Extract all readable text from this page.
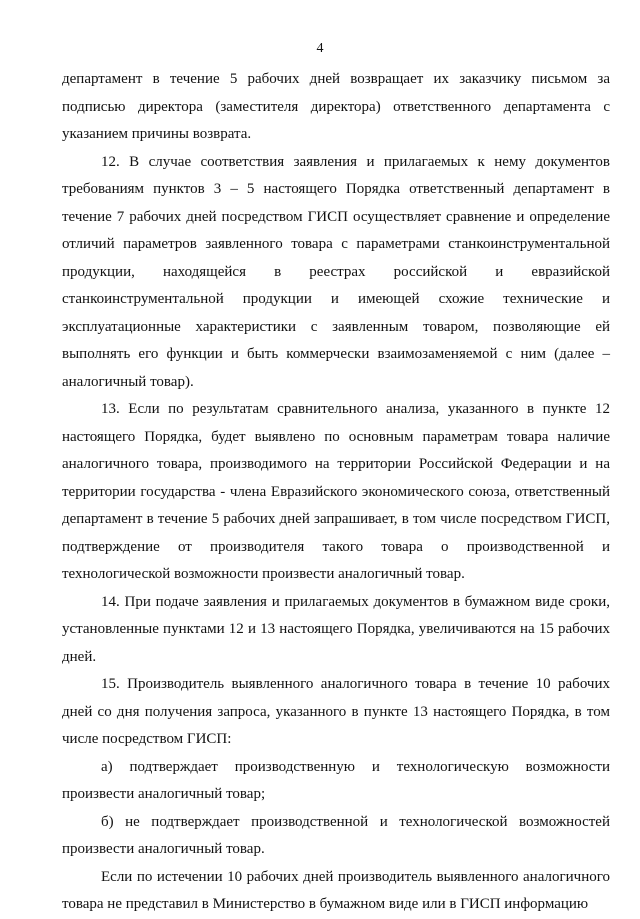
4

департамент в течение 5 рабочих дней возвращает их заказчику письмом за подписью директора (заместителя директора) ответственного департамента с указанием причины возврата.

12. В случае соответствия заявления и прилагаемых к нему документов требованиям пунктов 3 – 5 настоящего Порядка ответственный департамент в течение 7 рабочих дней посредством ГИСП осуществляет сравнение и определение отличий параметров заявленного товара с параметрами станкоинструментальной продукции, находящейся в реестрах российской и евразийской станкоинструментальной продукции и имеющей схожие технические и эксплуатационные характеристики с заявленным товаром, позволяющие ей выполнять его функции и быть коммерчески взаимозаменяемой с ним (далее – аналогичный товар).

13. Если по результатам сравнительного анализа, указанного в пункте 12 настоящего Порядка, будет выявлено по основным параметрам товара наличие аналогичного товара, производимого на территории Российской Федерации и на территории государства - члена Евразийского экономического союза, ответственный департамент в течение 5 рабочих дней запрашивает, в том числе посредством ГИСП, подтверждение от производителя такого товара о производственной и технологической возможности произвести аналогичный товар.

14. При подаче заявления и прилагаемых документов в бумажном виде сроки, установленные пунктами 12 и 13 настоящего Порядка, увеличиваются на 15 рабочих дней.

15. Производитель выявленного аналогичного товара в течение 10 рабочих дней со дня получения запроса, указанного в пункте 13 настоящего Порядка, в том числе посредством ГИСП:

а) подтверждает производственную и технологическую возможности произвести аналогичный товар;

б) не подтверждает производственной и технологической возможностей произвести аналогичный товар.

Если по истечении 10 рабочих дней производитель выявленного аналогичного товара не представил в Министерство в бумажном виде или в ГИСП информацию
